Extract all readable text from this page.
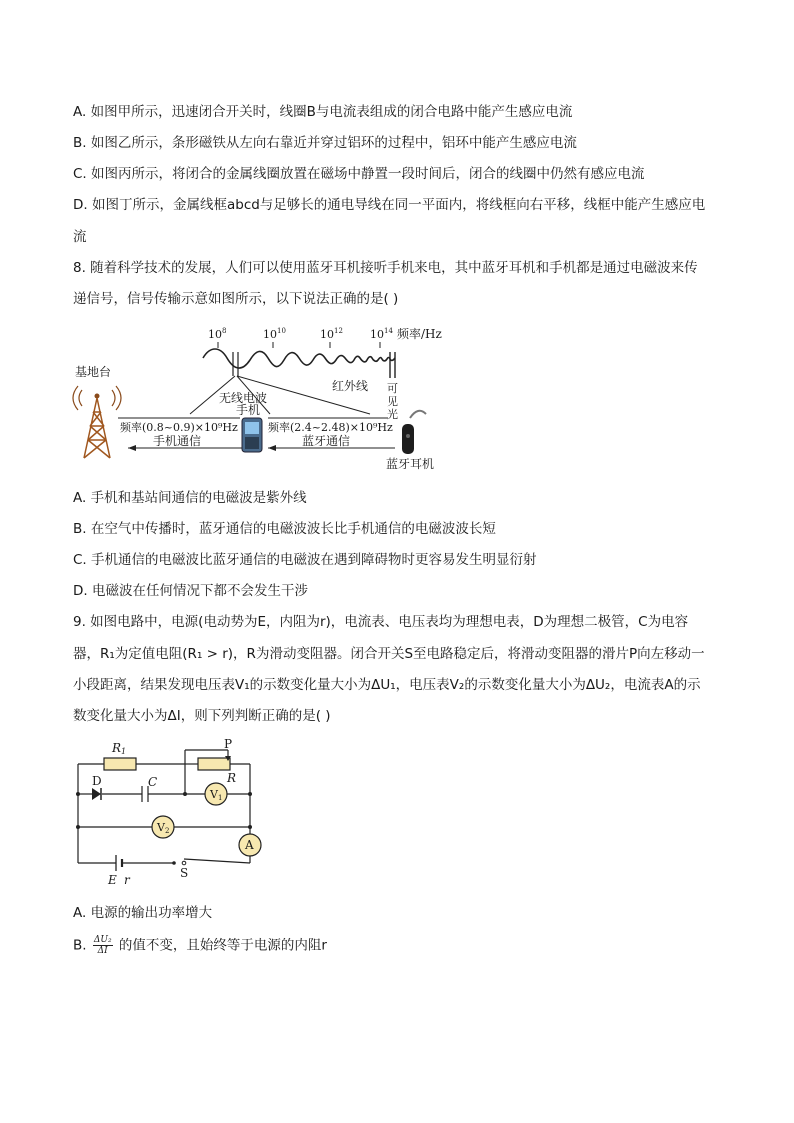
A. 如图甲所示，迅速闭合开关时，线圈B与电流表组成的闭合电路中能产生感应电流
B. 如图乙所示，条形磁铁从左向右靠近并穿过铝环的过程中，铝环中能产生感应电流
C. 如图丙所示，将闭合的金属线圈放置在磁场中静置一段时间后，闭合的线圈中仍然有感应电流
D. 如图丁所示，金属线框abcd与足够长的通电导线在同一平面内，将线框向右平移，线框中能产生感应电
流
8. 随着科学技术的发展，人们可以使用蓝牙耳机接听手机来电，其中蓝牙耳机和手机都是通过电磁波来传
递信号，信号传输示意如图所示，以下说法正确的是( )
$10^8$	$10^{10}$	$10^{12}$ $10^{14}$ 频率/Hz
红外线 可
见
光
无线电波
手机
基地台
频率(0.8~0.9)×10⁹Hz	频率(2.4~2.48)×10⁹Hz
手机通信	蓝牙通信
蓝牙耳机
A. 手机和基站间通信的电磁波是紫外线
B. 在空气中传播时，蓝牙通信的电磁波波长比手机通信的电磁波波长短
C. 手机通信的电磁波比蓝牙通信的电磁波在遇到障碍物时更容易发生明显衍射
D. 电磁波在任何情况下都不会发生干涉
9. 如图电路中，电源(电动势为E，内阻为r)，电流表、电压表均为理想电表，D为理想二极管，C为电容
器，R₁为定值电阻(R₁ > r)，R为滑动变阻器。闭合开关S至电路稳定后，将滑动变阻器的滑片P向左移动一
小段距离，结果发现电压表V₁的示数变化量大小为ΔU₁，电压表V₂的示数变化量大小为ΔU₂，电流表A的示
数变化量大小为ΔI，则下列判断正确的是( )
V1
V2
A
R1
P
R
D	C
E r	S
A. 电源的输出功率增大
B. $\frac{\text{ΔU₂}}{\Delta I}$ 的值不变，且始终等于电源的内阻r
